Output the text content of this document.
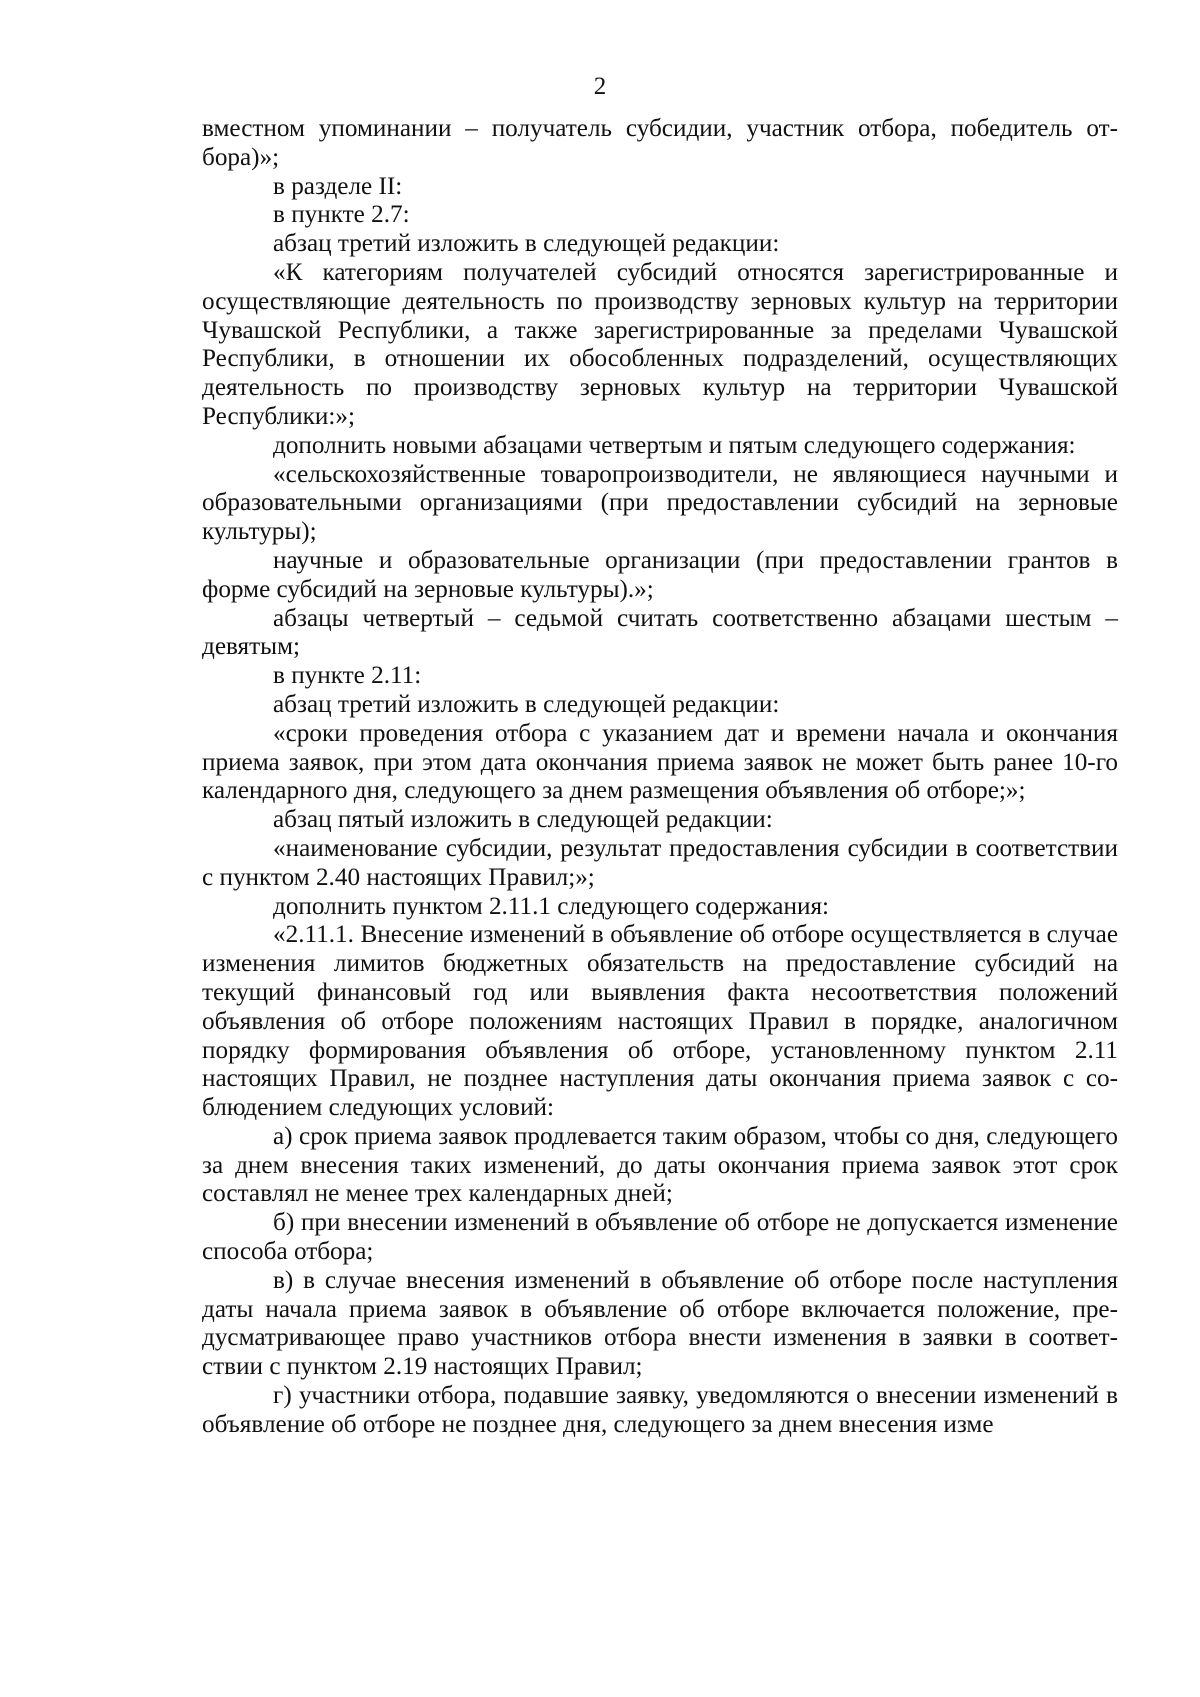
2

вместном упоминании – получатель субсидии, участник отбора, победитель отбора)»;

в разделе II:

в пункте 2.7:

абзац третий изложить в следующей редакции:

«К категориям получателей субсидий относятся зарегистрированные и осуществляющие деятельность по производству зерновых культур на территории Чувашской Республики, а также зарегистрированные за пределами Чувашской Республики, в отношении их обособленных подразделений, осуществляющих деятельность по производству зерновых культур на территории Чувашской Республики:»;

дополнить новыми абзацами четвертым и пятым следующего содержания:

«сельскохозяйственные товаропроизводители, не являющиеся научными и образовательными организациями (при предоставлении субсидий на зерновые культуры);

научные и образовательные организации (при предоставлении грантов в форме субсидий на зерновые культуры).»;

абзацы четвертый – седьмой считать соответственно абзацами шестым – девятым;

в пункте 2.11:

абзац третий изложить в следующей редакции:

«сроки проведения отбора с указанием дат и времени начала и окончания приема заявок, при этом дата окончания приема заявок не может быть ранее 10-го календарного дня, следующего за днем размещения объявления об отборе;»;

абзац пятый изложить в следующей редакции:

«наименование субсидии, результат предоставления субсидии в соответствии с пунктом 2.40 настоящих Правил;»;

дополнить пунктом 2.11.1 следующего содержания:

«2.11.1. Внесение изменений в объявление об отборе осуществляется в случае изменения лимитов бюджетных обязательств на предоставление субсидий на текущий финансовый год или выявления факта несоответствия положений объявления об отборе положениям настоящих Правил в порядке, аналогичном порядку формирования объявления об отборе, установленному пунктом 2.11 настоящих Правил, не позднее наступления даты окончания приема заявок с соблюдением следующих условий:

а) срок приема заявок продлевается таким образом, чтобы со дня, следующего за днем внесения таких изменений, до даты окончания приема заявок этот срок составлял не менее трех календарных дней;

б) при внесении изменений в объявление об отборе не допускается изменение способа отбора;

в) в случае внесения изменений в объявление об отборе после наступления даты начала приема заявок в объявление об отборе включается положение, предусматривающее право участников отбора внести изменения в заявки в соответствии с пунктом 2.19 настоящих Правил;

г) участники отбора, подавшие заявку, уведомляются о внесении изменений в объявление об отборе не позднее дня, следующего за днем внесения изме
